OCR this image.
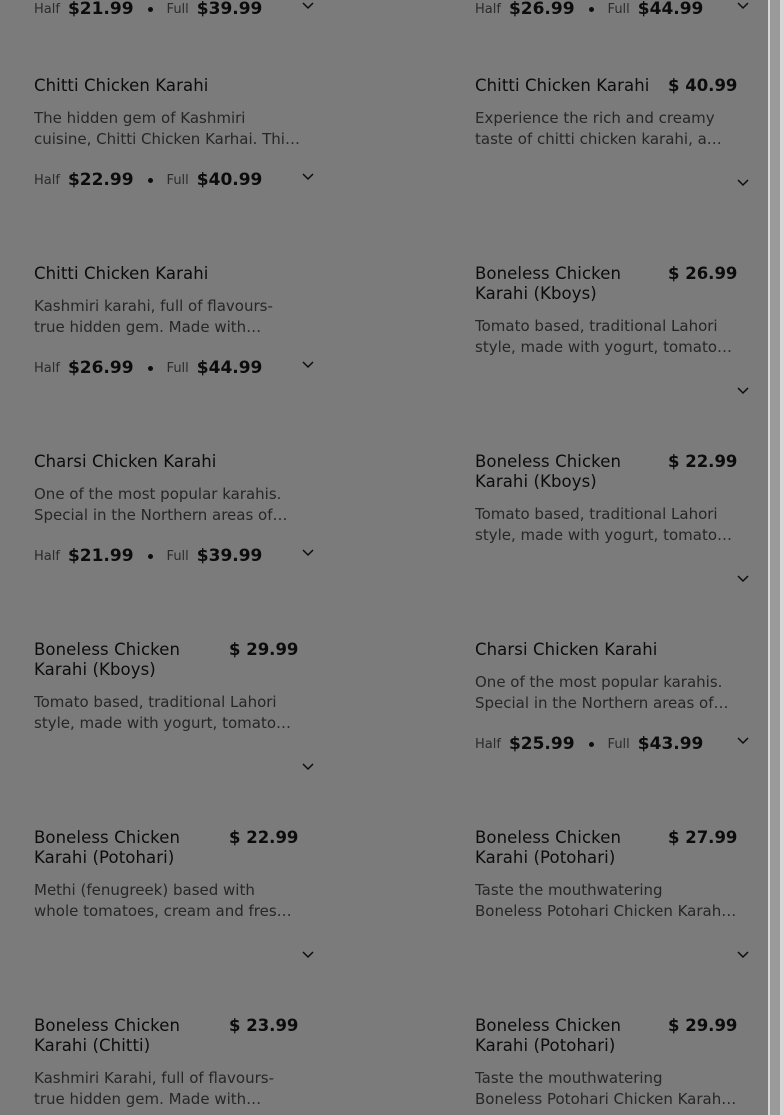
Half $21.99	Full $39.99	Half $26.99	Full $44.99
Chitti Chicken Karahi
The hidden gem of Kashmiri
cuisine, Chitti Chicken Karhai. Thi…
Half $22.99	Full $40.99
Chitti Chicken Karahi	$ 40.99
Experience the rich and creamy
taste of chitti chicken karahi, a…
Chitti Chicken Karahi
Kashmiri karahi, full of flavours-
true hidden gem. Made with…
Half $26.99	Full $44.99
Boneless Chicken Karahi (Kboys)
$ 26.99
Tomato based, traditional Lahori
style, made with yogurt, tomato…
Charsi Chicken Karahi
One of the most popular karahis.
Special in the Northern areas of…
Half $21.99	Full $39.99
Boneless Chicken Karahi (Kboys)
$ 22.99
Tomato based, traditional Lahori
style, made with yogurt, tomato…
Boneless Chicken Karahi (Kboys)
$ 29.99
Tomato based, traditional Lahori
style, made with yogurt, tomato…
Charsi Chicken Karahi
One of the most popular karahis.
Special in the Northern areas of…
Half $25.99	Full $43.99
Boneless Chicken Karahi (Potohari)
$ 22.99
Methi (fenugreek) based with
whole tomatoes, cream and fres…
Boneless Chicken Karahi (Potohari)
$ 27.99
Taste the mouthwatering
Boneless Potohari Chicken Karah…
Boneless Chicken Karahi (Chitti)
$ 23.99
Kashmiri Karahi, full of flavours-
true hidden gem. Made with…
Boneless Chicken Karahi (Potohari)
$ 29.99
Taste the mouthwatering
Boneless Potohari Chicken Karah…
